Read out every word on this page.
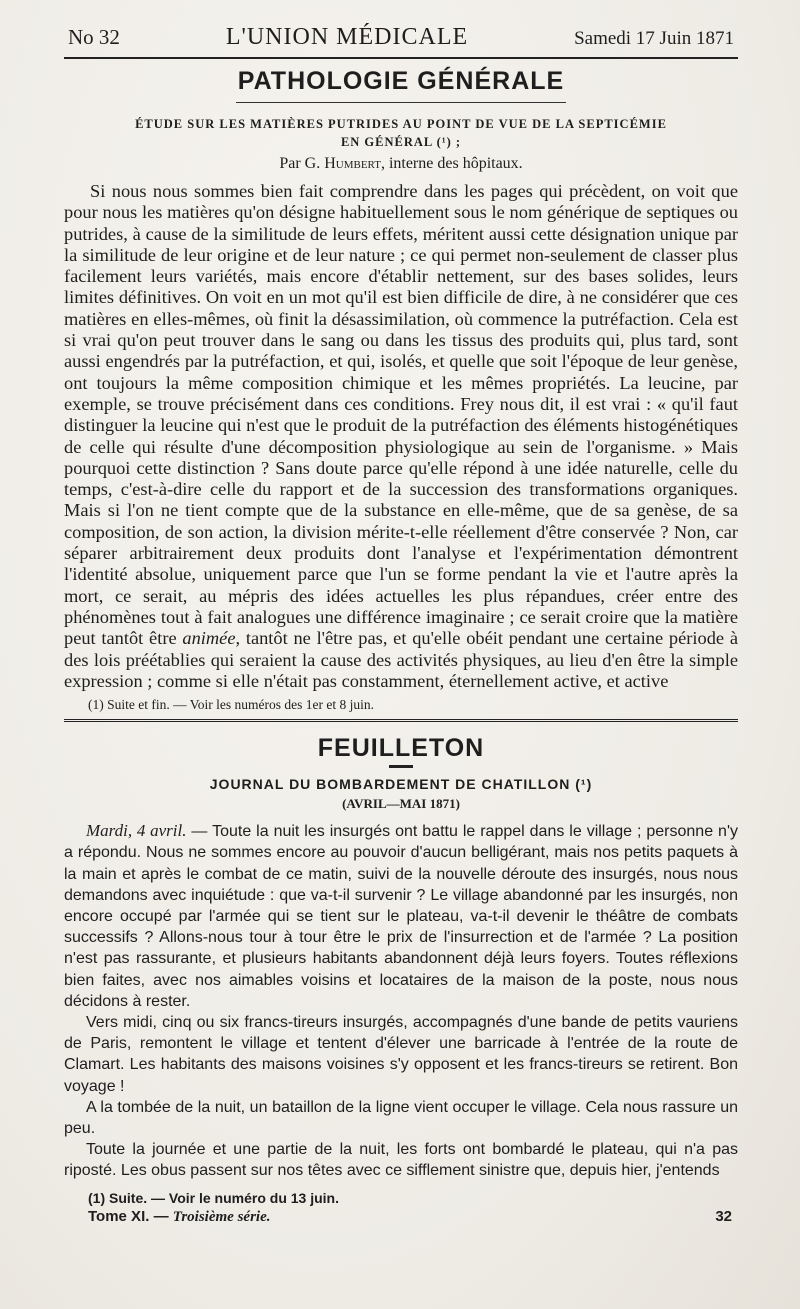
No 32	L'UNION MÉDICALE	Samedi 17 Juin 1871
PATHOLOGIE GÉNÉRALE
ÉTUDE SUR LES MATIÈRES PUTRIDES AU POINT DE VUE DE LA SEPTICÉMIE
EN GÉNÉRAL (¹) ;
Par G. Humbert, interne des hôpitaux.

Si nous nous sommes bien fait comprendre dans les pages qui précèdent, on voit que pour nous les matières qu'on désigne habituellement sous le nom générique de septiques ou putrides, à cause de la similitude de leurs effets, méritent aussi cette désignation unique par la similitude de leur origine et de leur nature ; ce qui permet non-seulement de classer plus facilement leurs variétés, mais encore d'établir nettement, sur des bases solides, leurs limites définitives. On voit en un mot qu'il est bien difficile de dire, à ne considérer que ces matières en elles-mêmes, où finit la désassimilation, où commence la putréfaction. Cela est si vrai qu'on peut trouver dans le sang ou dans les tissus des produits qui, plus tard, sont aussi engendrés par la putréfaction, et qui, isolés, et quelle que soit l'époque de leur genèse, ont toujours la même composition chimique et les mêmes propriétés. La leucine, par exemple, se trouve précisément dans ces conditions. Frey nous dit, il est vrai : « qu'il faut distinguer la leucine qui n'est que le produit de la putréfaction des éléments histogénétiques de celle qui résulte d'une décomposition physiologique au sein de l'organisme. » Mais pourquoi cette distinction ? Sans doute parce qu'elle répond à une idée naturelle, celle du temps, c'est-à-dire celle du rapport et de la succession des transformations organiques. Mais si l'on ne tient compte que de la substance en elle-même, que de sa genèse, de sa composition, de son action, la division mérite-t-elle réellement d'être conservée ? Non, car séparer arbitrairement deux produits dont l'analyse et l'expérimentation démontrent l'identité absolue, uniquement parce que l'un se forme pendant la vie et l'autre après la mort, ce serait, au mépris des idées actuelles les plus répandues, créer entre des phénomènes tout à fait analogues une différence imaginaire ; ce serait croire que la matière peut tantôt être animée, tantôt ne l'être pas, et qu'elle obéit pendant une certaine période à des lois préétablies qui seraient la cause des activités physiques, au lieu d'en être la simple expression ; comme si elle n'était pas constamment, éternellement active, et active

(1) Suite et fin. — Voir les numéros des 1er et 8 juin.
FEUILLETON
JOURNAL DU BOMBARDEMENT DE CHATILLON (¹)
(AVRIL—MAI 1871)

Mardi, 4 avril. — Toute la nuit les insurgés ont battu le rappel dans le village ; personne n'y a répondu. Nous ne sommes encore au pouvoir d'aucun belligérant, mais nos petits paquets à la main et après le combat de ce matin, suivi de la nouvelle déroute des insurgés, nous nous demandons avec inquiétude : que va-t-il survenir ? Le village abandonné par les insurgés, non encore occupé par l'armée qui se tient sur le plateau, va-t-il devenir le théâtre de combats successifs ? Allons-nous tour à tour être le prix de l'insurrection et de l'armée ? La position n'est pas rassurante, et plusieurs habitants abandonnent déjà leurs foyers. Toutes réflexions bien faites, avec nos aimables voisins et locataires de la maison de la poste, nous nous décidons à rester.

Vers midi, cinq ou six francs-tireurs insurgés, accompagnés d'une bande de petits vauriens de Paris, remontent le village et tentent d'élever une barricade à l'entrée de la route de Clamart. Les habitants des maisons voisines s'y opposent et les francs-tireurs se retirent. Bon voyage !

A la tombée de la nuit, un bataillon de la ligne vient occuper le village. Cela nous rassure un peu.

Toute la journée et une partie de la nuit, les forts ont bombardé le plateau, qui n'a pas riposté. Les obus passent sur nos têtes avec ce sifflement sinistre que, depuis hier, j'entends

(1) Suite. — Voir le numéro du 13 juin.
Tome XI. — Troisième série.	32
